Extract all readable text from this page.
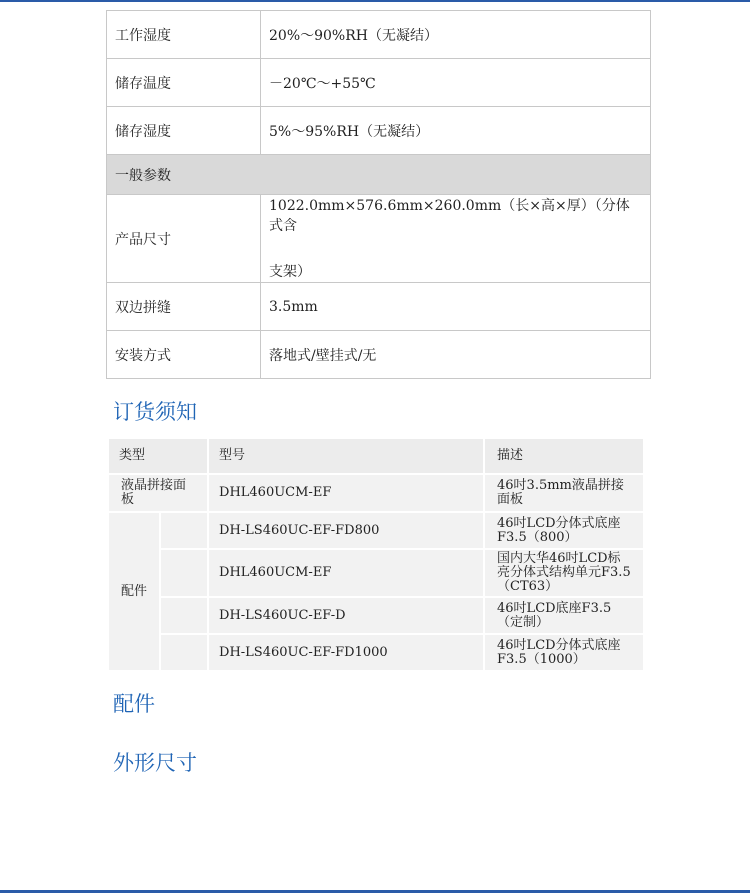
工作湿度	20%～90%RH（无凝结）
储存温度	－20℃～+55℃
储存湿度	5%～95%RH（无凝结）
一般参数	
产品尺寸	1022.0mm×576.6mm×260.0mm（长×高×厚）（分体式含
支架）

双边拼缝	3.5mm
安装方式	落地式/壁挂式/无
订货须知
类型		型号	描述
液晶拼接面板		DHL460UCM-EF	46吋3.5mm液晶拼接面板
配件		DH-LS460UC-EF-FD800	46吋LCD分体式底座F3.5（800）
		DHL460UCM-EF	国内大华46吋LCD标亮分体式结构单元F3.5（CT63）
		DH-LS460UC-EF-D	46吋LCD底座F3.5（定制）
		DH-LS460UC-EF-FD1000	46吋LCD分体式底座F3.5（1000）
配件
外形尺寸
